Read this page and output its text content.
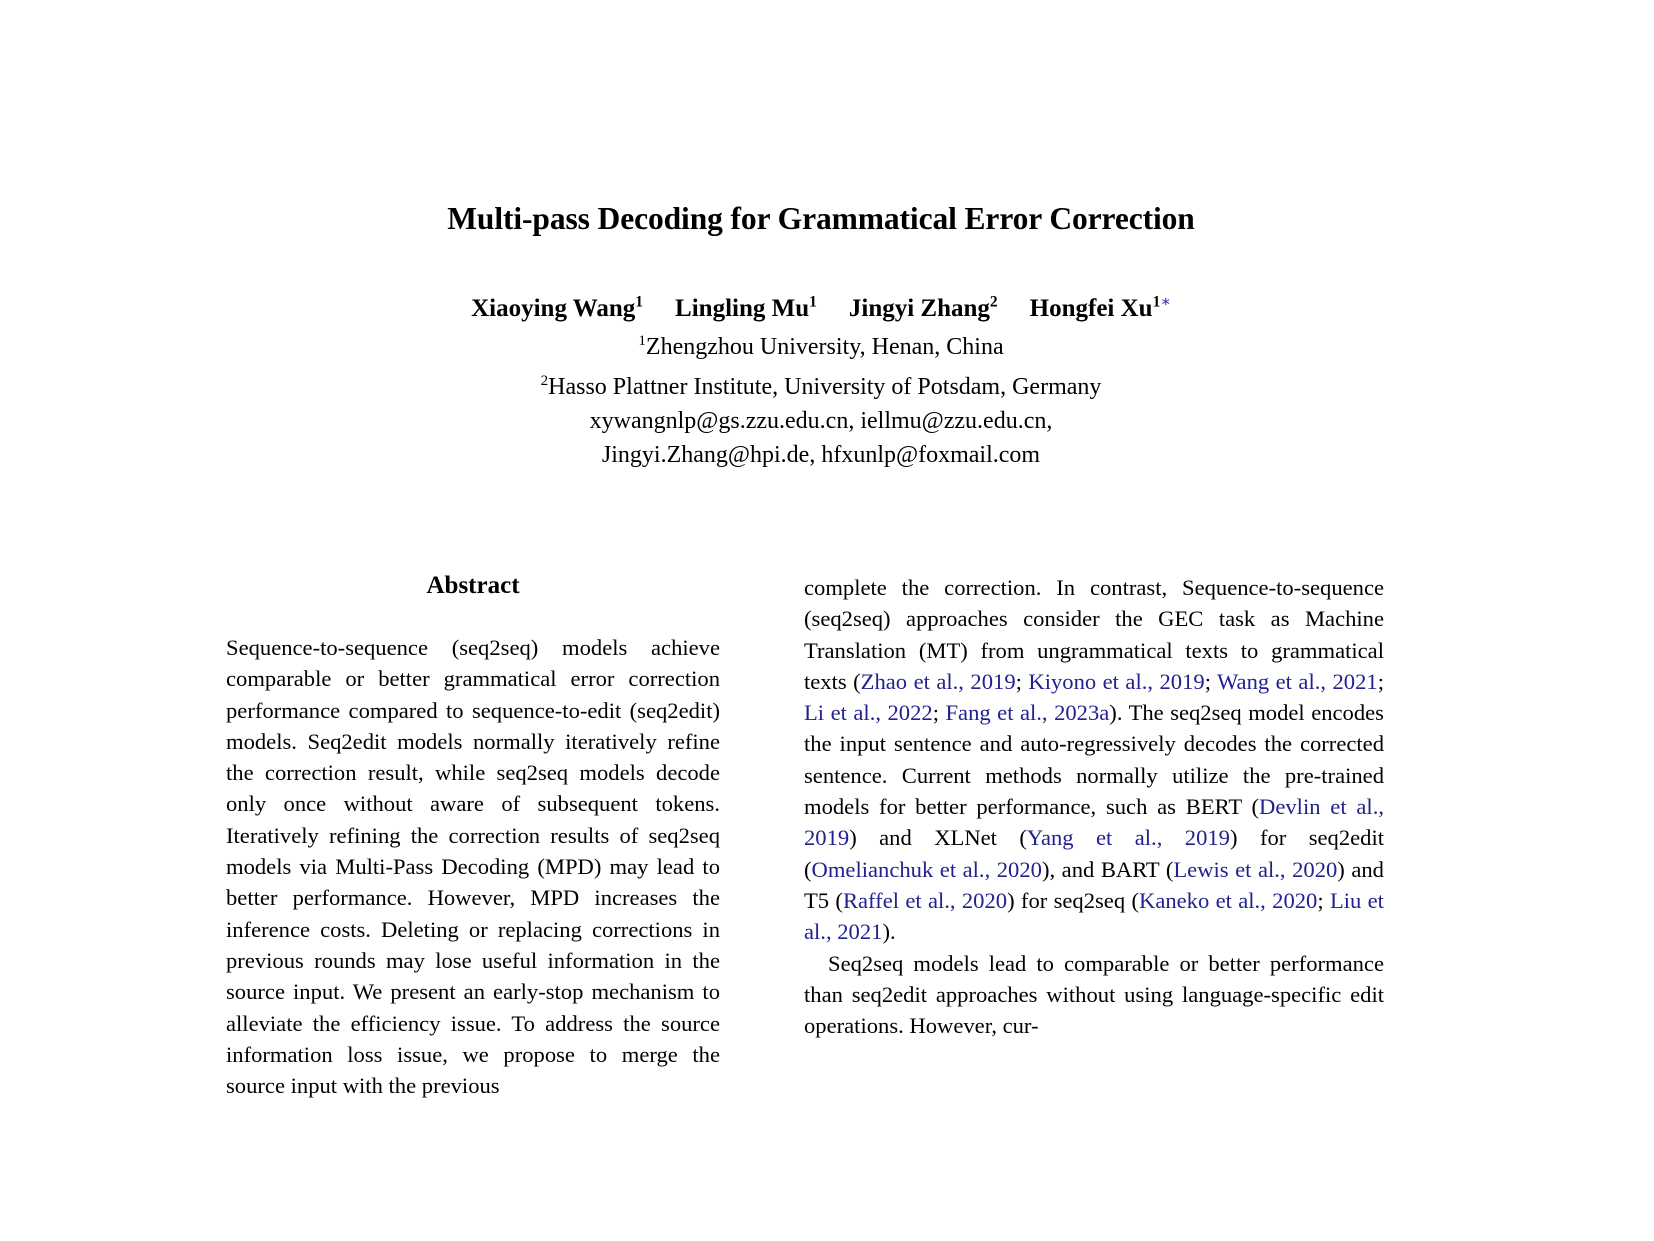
Multi-pass Decoding for Grammatical Error Correction
Xiaoying Wang$^1$ Lingling Mu$^1$ Jingyi Zhang$^2$ Hongfei $Xu^{1∗}$
$^1$Zhengzhou University, Henan, China
$^2$Hasso Plattner Institute, University of Potsdam, Germany
xywangnlp@gs.zzu.edu.cn, iellmu@zzu.edu.cn,
Jingyi.Zhang@hpi.de, hfxunlp@foxmail.com
Abstract

Sequence-to-sequence (seq2seq) models achieve comparable or better grammatical error correction performance compared to sequence-to-edit (seq2edit) models. Seq2edit models normally iteratively refine the correction result, while seq2seq models decode only once without aware of subsequent tokens. Iteratively refining the correction results of seq2seq models via Multi-Pass Decoding (MPD) may lead to better performance. However, MPD increases the inference costs. Deleting or replacing corrections in previous rounds may lose useful information in the source input. We present an early-stop mechanism to alleviate the efficiency issue. To address the source information loss issue, we propose to merge the source input with the previous

complete the correction. In contrast, Sequence-to-sequence (seq2seq) approaches consider the GEC task as Machine Translation (MT) from ungrammatical texts to grammatical texts (Zhao et al., 2019; Kiyono et al., 2019; Wang et al., 2021; Li et al., 2022; Fang et al., 2023a). The seq2seq model encodes the input sentence and auto-regressively decodes the corrected sentence. Current methods normally utilize the pre-trained models for better performance, such as BERT (Devlin et al., 2019) and XLNet (Yang et al., 2019) for seq2edit (Omelianchuk et al., 2020), and BART (Lewis et al., 2020) and T5 (Raffel et al., 2020) for seq2seq (Kaneko et al., 2020; Liu et al., 2021).

Seq2seq models lead to comparable or better performance than seq2edit approaches without using language-specific edit operations. However, cur-
